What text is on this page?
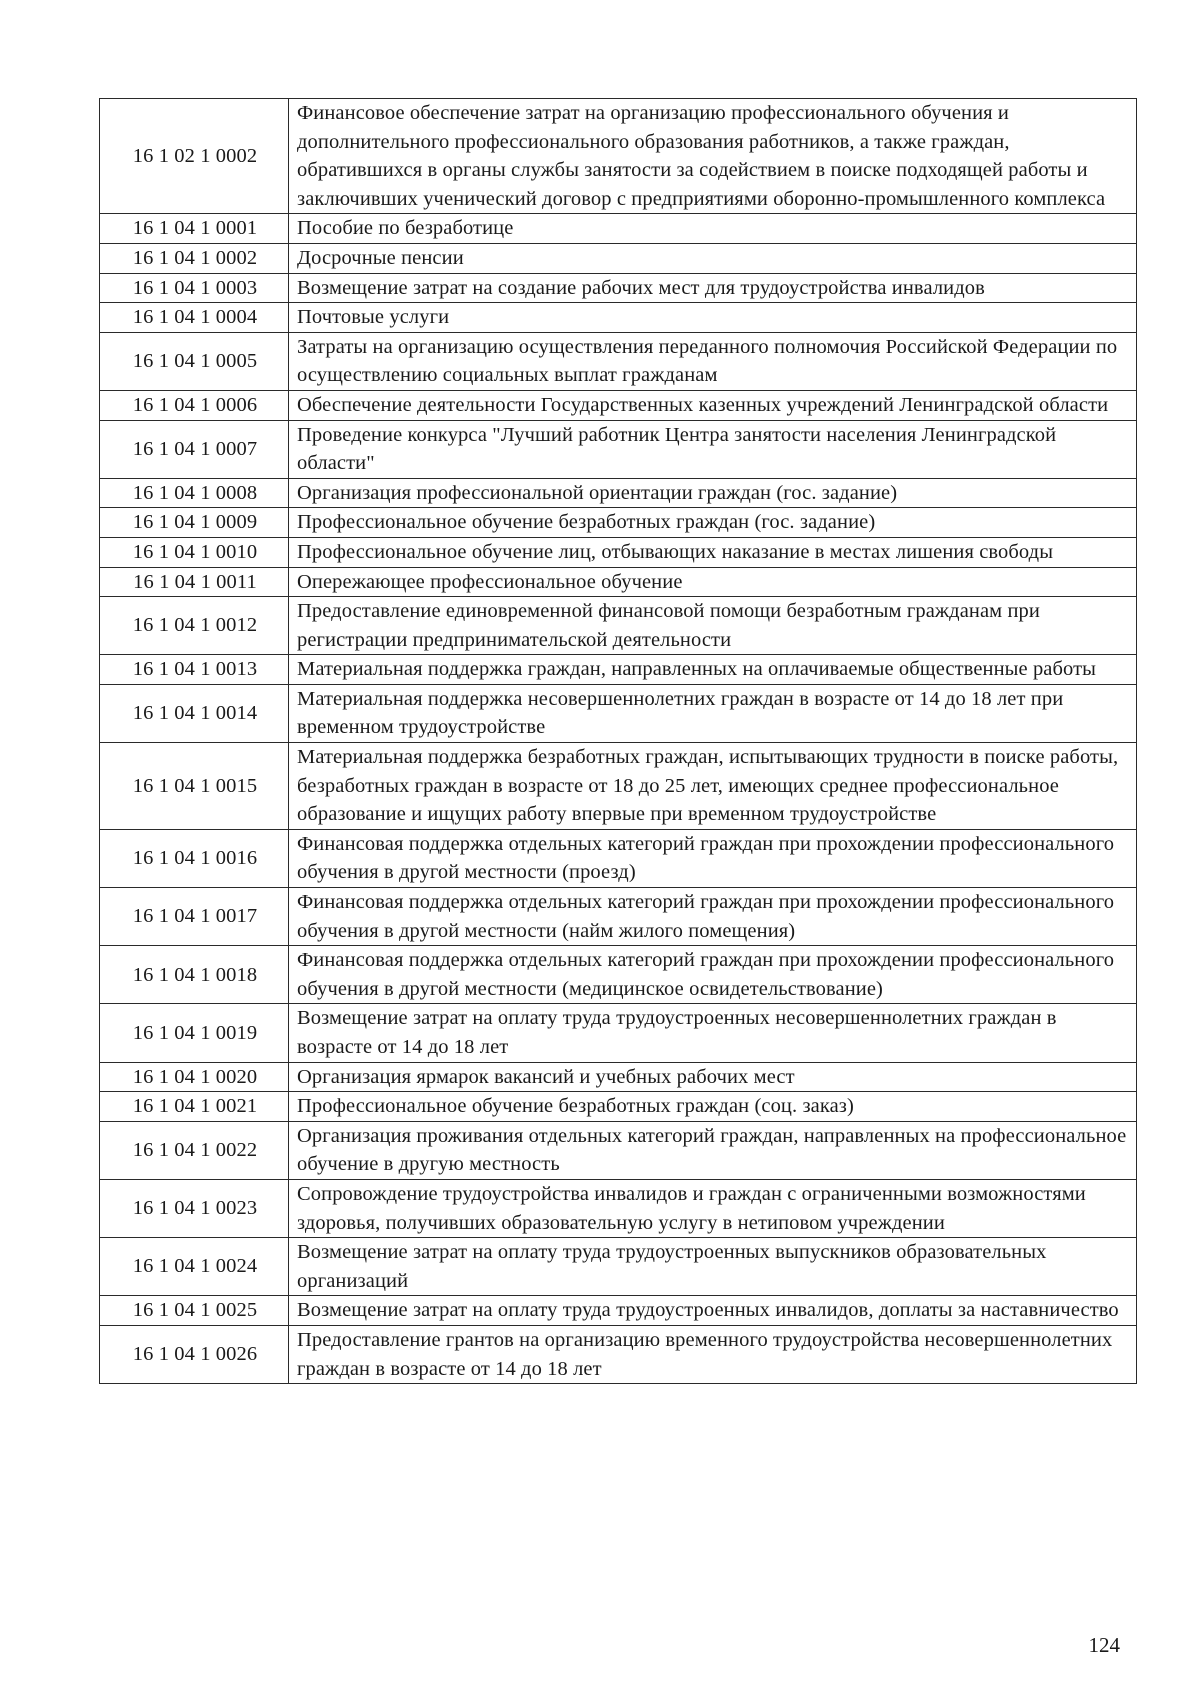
16 1 02 1 0002	Финансовое обеспечение затрат на организацию профессионального обучения и дополнительного профессионального образования работников, а также граждан, обратившихся в органы службы занятости за содействием в поиске подходящей работы и заключивших ученический договор с предприятиями оборонно-промышленного комплекса
16 1 04 1 0001	Пособие по безработице
16 1 04 1 0002	Досрочные пенсии
16 1 04 1 0003	Возмещение затрат на создание рабочих мест для трудоустройства инвалидов
16 1 04 1 0004	Почтовые услуги
16 1 04 1 0005	Затраты на организацию осуществления переданного полномочия Российской Федерации по осуществлению социальных выплат гражданам
16 1 04 1 0006	Обеспечение деятельности Государственных казенных учреждений Ленинградской области
16 1 04 1 0007	Проведение конкурса "Лучший работник Центра занятости населения Ленинградской области"
16 1 04 1 0008	Организация профессиональной ориентации граждан (гос. задание)
16 1 04 1 0009	Профессиональное обучение безработных граждан (гос. задание)
16 1 04 1 0010	Профессиональное обучение лиц, отбывающих наказание в местах лишения свободы
16 1 04 1 0011	Опережающее профессиональное обучение
16 1 04 1 0012	Предоставление единовременной финансовой помощи безработным гражданам при регистрации предпринимательской деятельности
16 1 04 1 0013	Материальная поддержка граждан, направленных на оплачиваемые общественные работы
16 1 04 1 0014	Материальная поддержка несовершеннолетних граждан в возрасте от 14 до 18 лет при временном трудоустройстве
16 1 04 1 0015	Материальная поддержка безработных граждан, испытывающих трудности в поиске работы, безработных граждан в возрасте от 18 до 25 лет, имеющих среднее профессиональное образование и ищущих работу впервые при временном трудоустройстве
16 1 04 1 0016	Финансовая поддержка отдельных категорий граждан при прохождении профессионального обучения в другой местности (проезд)
16 1 04 1 0017	Финансовая поддержка отдельных категорий граждан при прохождении профессионального обучения в другой местности (найм жилого помещения)
16 1 04 1 0018	Финансовая поддержка отдельных категорий граждан при прохождении профессионального обучения в другой местности (медицинское освидетельствование)
16 1 04 1 0019	Возмещение затрат на оплату труда трудоустроенных несовершеннолетних граждан в возрасте от 14 до 18 лет
16 1 04 1 0020	Организация ярмарок вакансий и учебных рабочих мест
16 1 04 1 0021	Профессиональное обучение безработных граждан (соц. заказ)
16 1 04 1 0022	Организация проживания отдельных категорий граждан, направленных на профессиональное обучение в другую местность
16 1 04 1 0023	Сопровождение трудоустройства инвалидов и граждан с ограниченными возможностями здоровья, получивших образовательную услугу в нетиповом учреждении
16 1 04 1 0024	Возмещение затрат на оплату труда трудоустроенных выпускников образовательных организаций
16 1 04 1 0025	Возмещение затрат на оплату труда трудоустроенных инвалидов, доплаты за наставничество
16 1 04 1 0026	Предоставление грантов на организацию временного трудоустройства несовершеннолетних граждан в возрасте от 14 до 18 лет
124
